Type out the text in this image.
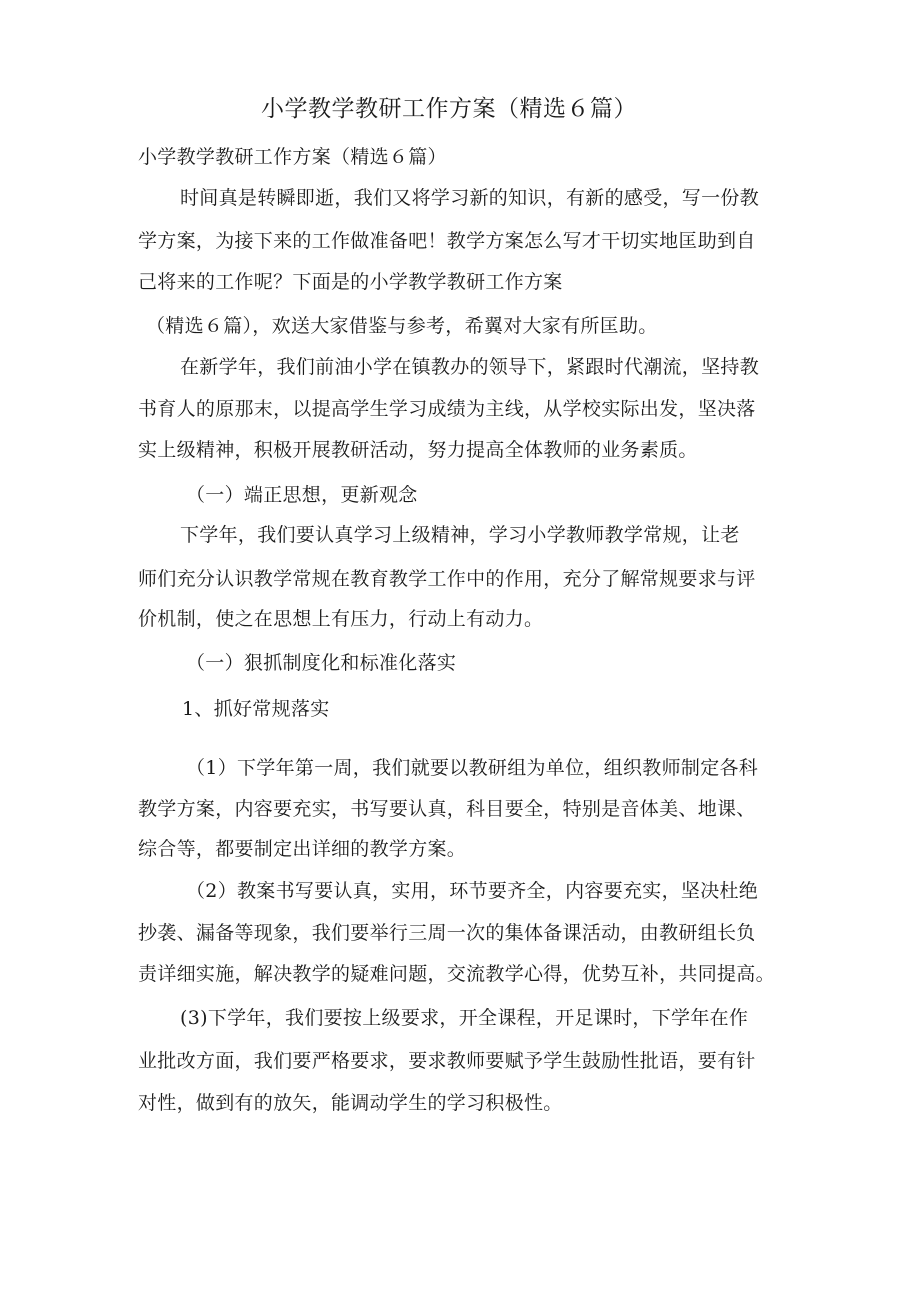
小学教学教研工作方案（精选６篇）
小学教学教研工作方案（精选６篇）
时间真是转瞬即逝，我们又将学习新的知识，有新的感受，写一份教
学方案，为接下来的工作做准备吧！教学方案怎么写才干切实地匡助到自
己将来的工作呢？下面是的小学教学教研工作方案
（精选６篇），欢送大家借鉴与参考，希翼对大家有所匡助。
在新学年，我们前油小学在镇教办的领导下，紧跟时代潮流，坚持教
书育人的原那末，以提高学生学习成绩为主线，从学校实际出发，坚决落
实上级精神，积极开展教研活动，努力提高全体教师的业务素质。
（一）端正思想，更新观念
下学年，我们要认真学习上级精神，学习小学教师教学常规，让老
师们充分认识教学常规在教育教学工作中的作用，充分了解常规要求与评
价机制，使之在思想上有压力，行动上有动力。
（一）狠抓制度化和标准化落实
1、抓好常规落实
（1）下学年第一周，我们就要以教研组为单位，组织教师制定各科
教学方案，内容要充实，书写要认真，科目要全，特别是音体美、地课、
综合等，都要制定出详细的教学方案。
（2）教案书写要认真，实用，环节要齐全，内容要充实，坚决杜绝
抄袭、漏备等现象，我们要举行三周一次的集体备课活动，由教研组长负
责详细实施，解决教学的疑难问题，交流教学心得，优势互补，共同提高。
(3)下学年，我们要按上级要求，开全课程，开足课时，下学年在作
业批改方面，我们要严格要求，要求教师要赋予学生鼓励性批语，要有针
对性，做到有的放矢，能调动学生的学习积极性。
